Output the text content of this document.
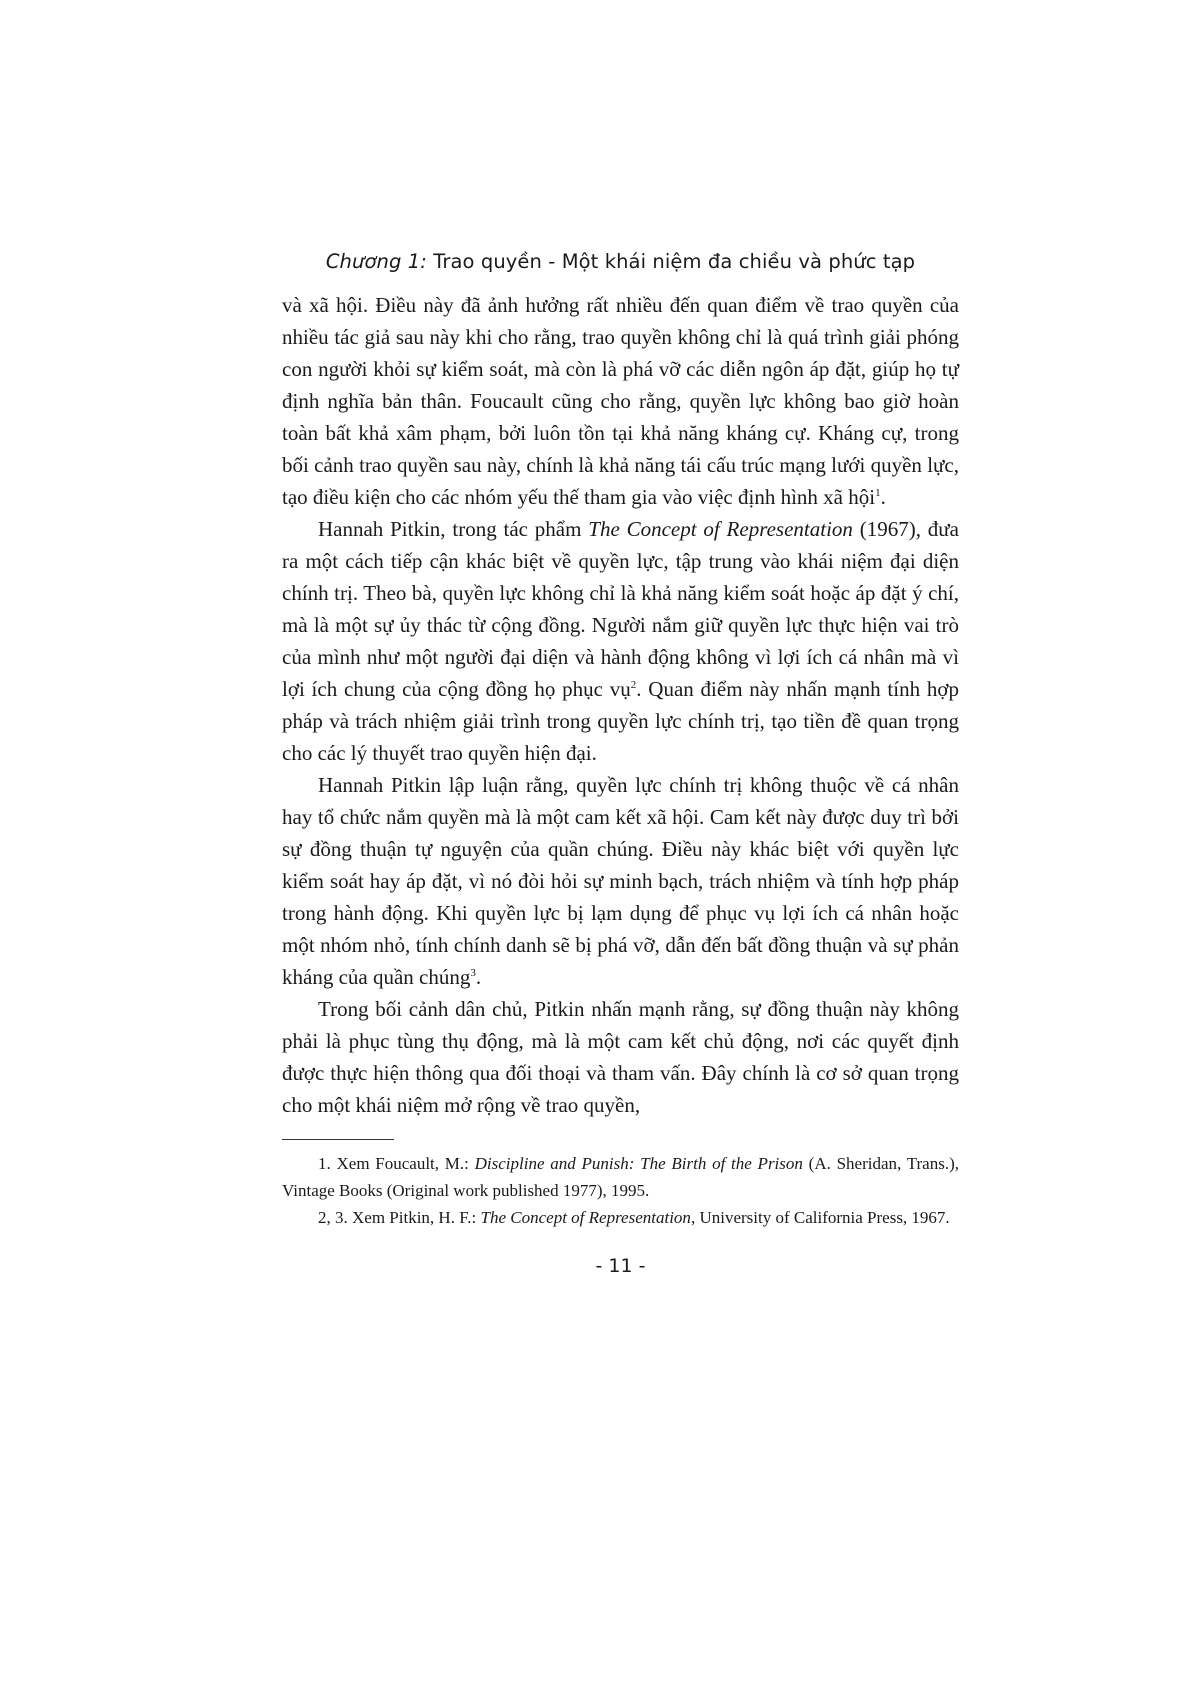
Chương 1: Trao quyền - Một khái niệm đa chiều và phức tạp

và xã hội. Điều này đã ảnh hưởng rất nhiều đến quan điểm về trao quyền của nhiều tác giả sau này khi cho rằng, trao quyền không chỉ là quá trình giải phóng con người khỏi sự kiểm soát, mà còn là phá vỡ các diễn ngôn áp đặt, giúp họ tự định nghĩa bản thân. Foucault cũng cho rằng, quyền lực không bao giờ hoàn toàn bất khả xâm phạm, bởi luôn tồn tại khả năng kháng cự. Kháng cự, trong bối cảnh trao quyền sau này, chính là khả năng tái cấu trúc mạng lưới quyền lực, tạo điều kiện cho các nhóm yếu thế tham gia vào việc định hình xã hội$^1$.

Hannah Pitkin, trong tác phẩm The Concept of Representation (1967), đưa ra một cách tiếp cận khác biệt về quyền lực, tập trung vào khái niệm đại diện chính trị. Theo bà, quyền lực không chỉ là khả năng kiểm soát hoặc áp đặt ý chí, mà là một sự ủy thác từ cộng đồng. Người nắm giữ quyền lực thực hiện vai trò của mình như một người đại diện và hành động không vì lợi ích cá nhân mà vì lợi ích chung của cộng đồng họ phục vụ$^2$. Quan điểm này nhấn mạnh tính hợp pháp và trách nhiệm giải trình trong quyền lực chính trị, tạo tiền đề quan trọng cho các lý thuyết trao quyền hiện đại.

Hannah Pitkin lập luận rằng, quyền lực chính trị không thuộc về cá nhân hay tổ chức nắm quyền mà là một cam kết xã hội. Cam kết này được duy trì bởi sự đồng thuận tự nguyện của quần chúng. Điều này khác biệt với quyền lực kiểm soát hay áp đặt, vì nó đòi hỏi sự minh bạch, trách nhiệm và tính hợp pháp trong hành động. Khi quyền lực bị lạm dụng để phục vụ lợi ích cá nhân hoặc một nhóm nhỏ, tính chính danh sẽ bị phá vỡ, dẫn đến bất đồng thuận và sự phản kháng của quần chúng$^3$.

Trong bối cảnh dân chủ, Pitkin nhấn mạnh rằng, sự đồng thuận này không phải là phục tùng thụ động, mà là một cam kết chủ động, nơi các quyết định được thực hiện thông qua đối thoại và tham vấn. Đây chính là cơ sở quan trọng cho một khái niệm mở rộng về trao quyền,

1. Xem Foucault, M.: Discipline and Punish: The Birth of the Prison (A. Sheridan, Trans.), Vintage Books (Original work published 1977), 1995.

2, 3. Xem Pitkin, H. F.: The Concept of Representation, University of California Press, 1967.

- 11 -
